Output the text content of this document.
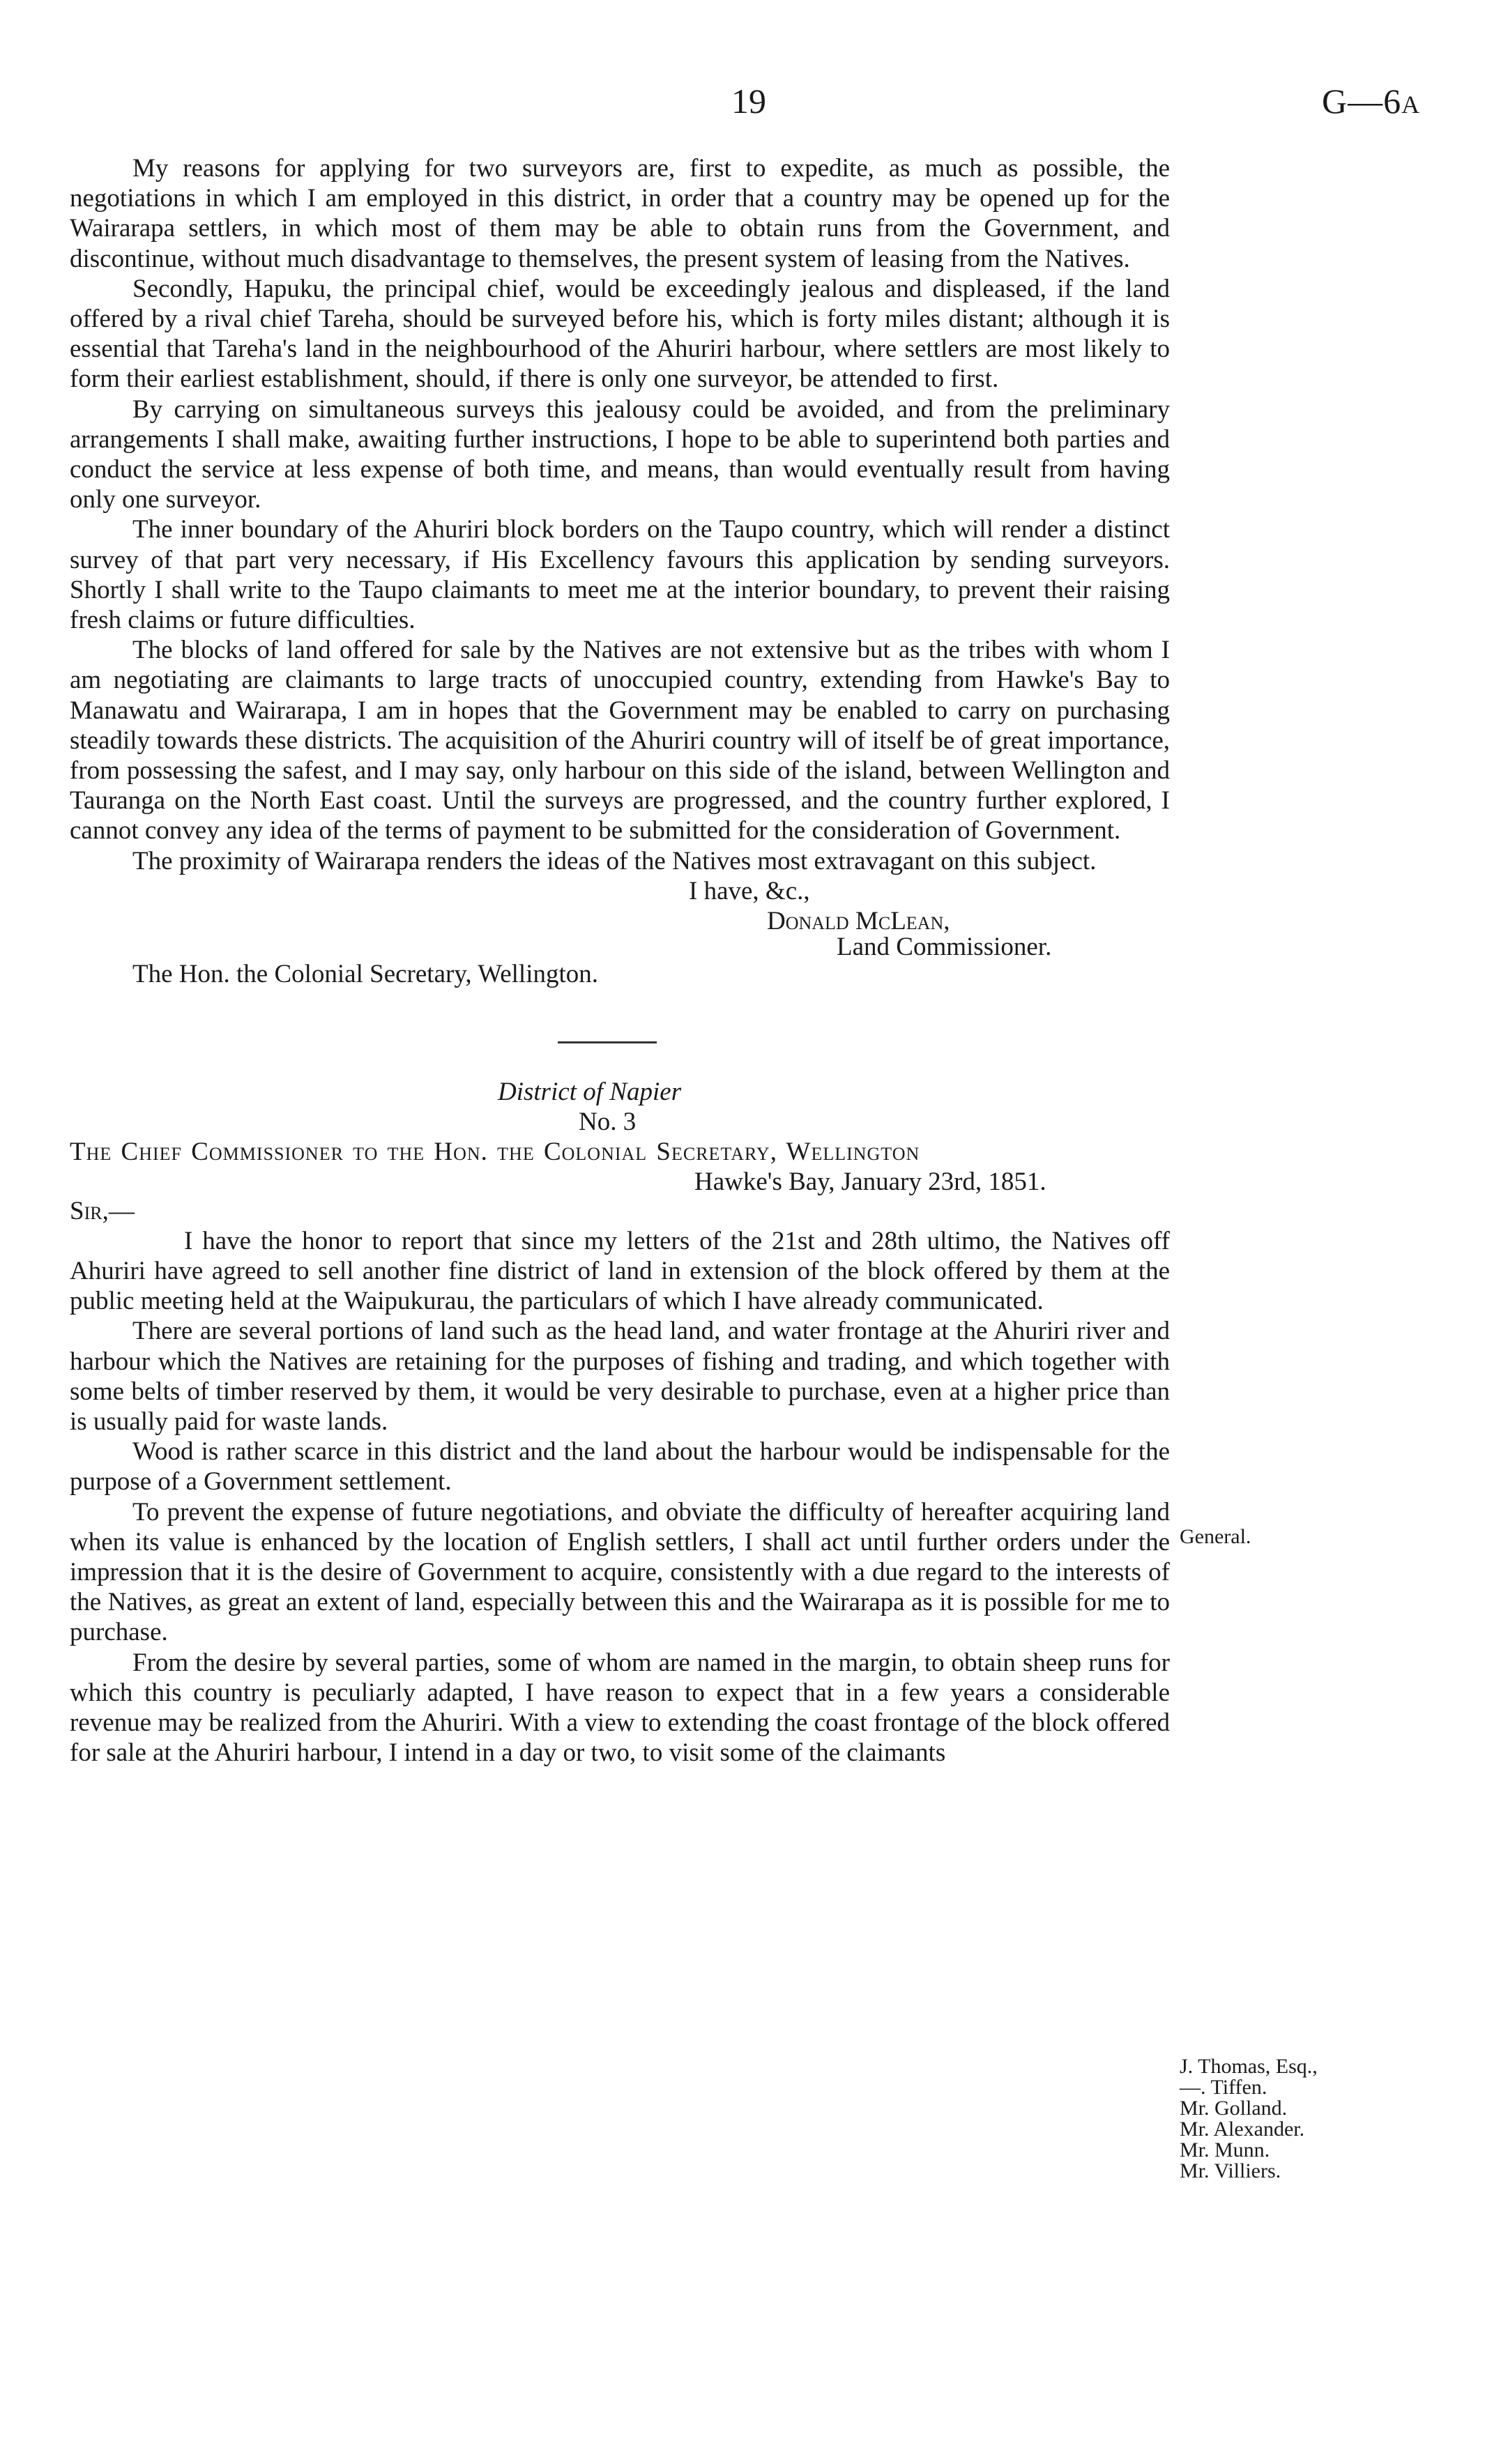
19	G—6A

My reasons for applying for two surveyors are, first to expedite, as much as possible, the negotiations in which I am employed in this district, in order that a country may be opened up for the Wairarapa settlers, in which most of them may be able to obtain runs from the Government, and discontinue, without much disadvantage to themselves, the present system of leasing from the Natives.

Secondly, Hapuku, the principal chief, would be exceedingly jealous and displeased, if the land offered by a rival chief Tareha, should be surveyed before his, which is forty miles distant; although it is essential that Tareha's land in the neighbourhood of the Ahuriri harbour, where settlers are most likely to form their earliest establishment, should, if there is only one surveyor, be attended to first.

By carrying on simultaneous surveys this jealousy could be avoided, and from the preliminary arrangements I shall make, awaiting further instructions, I hope to be able to superintend both parties and conduct the service at less expense of both time, and means, than would eventually result from having only one surveyor.

The inner boundary of the Ahuriri block borders on the Taupo country, which will render a distinct survey of that part very necessary, if His Excellency favours this application by sending surveyors. Shortly I shall write to the Taupo claimants to meet me at the interior boundary, to prevent their raising fresh claims or future difficulties.

The blocks of land offered for sale by the Natives are not extensive but as the tribes with whom I am negotiating are claimants to large tracts of unoccupied country, extending from Hawke's Bay to Manawatu and Wairarapa, I am in hopes that the Government may be enabled to carry on purchasing steadily towards these districts. The acquisition of the Ahuriri country will of itself be of great importance, from possessing the safest, and I may say, only harbour on this side of the island, between Wellington and Tauranga on the North East coast. Until the surveys are progressed, and the country further explored, I cannot convey any idea of the terms of payment to be submitted for the consideration of Government.

The proximity of Wairarapa renders the ideas of the Natives most extravagant on this subject.

I have, &c.,
Donald McLean,
Land Commissioner.
The Hon. the Colonial Secretary, Wellington.
District of Napier
No. 3
The Chief Commissioner to the Hon. the Colonial Secretary, Wellington
Hawke's Bay, January 23rd, 1851.
Sir,—

I have the honor to report that since my letters of the 21st and 28th ultimo, the Natives off Ahuriri have agreed to sell another fine district of land in extension of the block offered by them at the public meeting held at the Waipukurau, the particulars of which I have already communicated.

There are several portions of land such as the head land, and water frontage at the Ahuriri river and harbour which the Natives are retaining for the purposes of fishing and trading, and which together with some belts of timber reserved by them, it would be very desirable to purchase, even at a higher price than is usually paid for waste lands.

Wood is rather scarce in this district and the land about the harbour would be indispensable for the purpose of a Government settlement.

To prevent the expense of future negotiations, and obviate the difficulty of hereafter acquiring land when its value is enhanced by the location of English settlers, I shall act until further orders under the impression that it is the desire of Government to acquire, consistently with a due regard to the interests of the Natives, as great an extent of land, especially between this and the Wairarapa as it is possible for me to purchase.

From the desire by several parties, some of whom are named in the margin, to obtain sheep runs for which this country is peculiarly adapted, I have reason to expect that in a few years a considerable revenue may be realized from the Ahuriri. With a view to extending the coast frontage of the block offered for sale at the Ahuriri harbour, I intend in a day or two, to visit some of the claimants

General.
J. Thomas, Esq.,
—. Tiffen.
Mr. Golland.
Mr. Alexander.
Mr. Munn.
Mr. Villiers.
